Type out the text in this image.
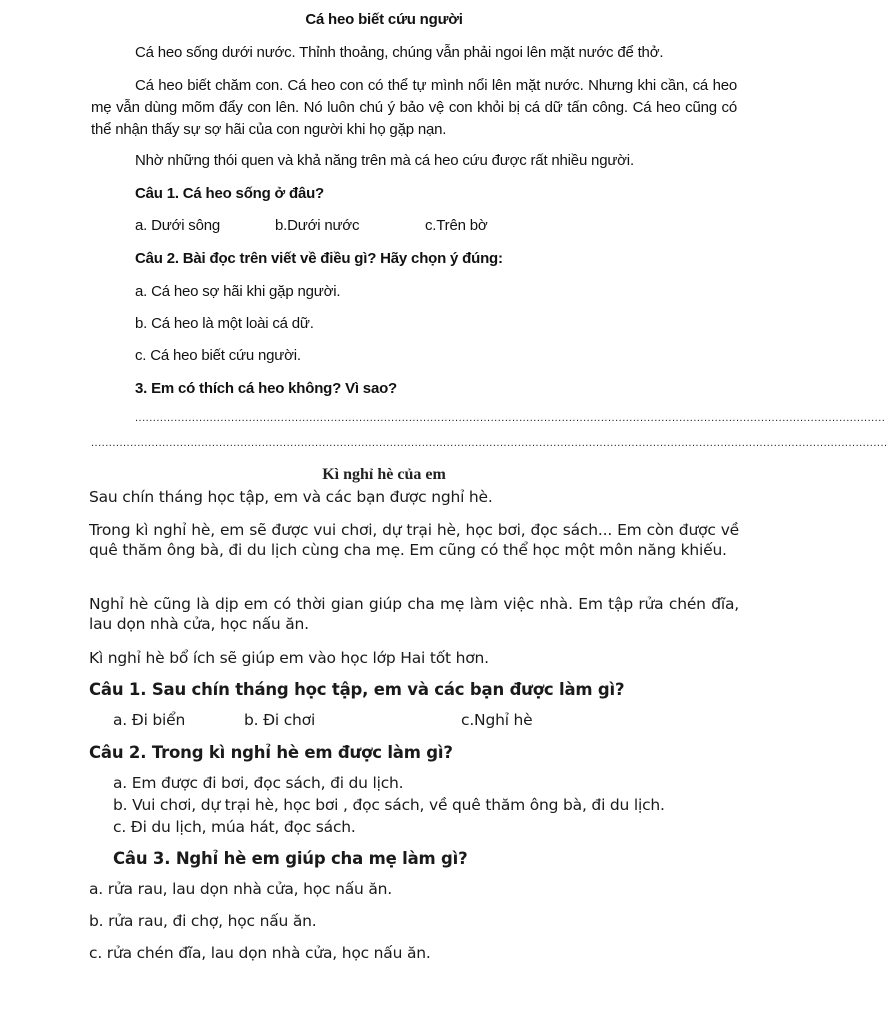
Cá heo biết cứu người
Cá heo sống dưới nước. Thỉnh thoảng, chúng vẫn phải ngoi lên mặt nước để thở.
Cá heo biết chăm con. Cá heo con có thể tự mình nổi lên mặt nước. Nhưng khi cần, cá heo mẹ vẫn dùng mõm đẩy con lên. Nó luôn chú ý bảo vệ con khỏi bị cá dữ tấn công. Cá heo cũng có thể nhận thấy sự sợ hãi của con người khi họ gặp nạn.
Nhờ những thói quen và khả năng trên mà cá heo cứu được rất nhiều người.
Câu 1. Cá heo sống ở đâu?
a. Dưới sông	b.Dưới nước	c.Trên bờ
Câu 2. Bài đọc trên viết về điều gì? Hãy chọn ý đúng:
a. Cá heo sợ hãi khi gặp người.
b. Cá heo là một loài cá dữ.
c. Cá heo biết cứu người.
3. Em có thích cá heo không? Vì sao?
...................................................................................................................................................................................................................
................................................................................................................................................................................................................................
Kì nghỉ hè của em
Sau chín tháng học tập, em và các bạn được nghỉ hè.
Trong kì nghỉ hè, em sẽ được vui chơi, dự trại hè, học bơi, đọc sách... Em còn được về quê thăm ông bà, đi du lịch cùng cha mẹ. Em cũng có thể học một môn năng khiếu.
Nghỉ hè cũng là dịp em có thời gian giúp cha mẹ làm việc nhà. Em tập rửa chén đĩa, lau dọn nhà cửa, học nấu ăn.
Kì nghỉ hè bổ ích sẽ giúp em vào học lớp Hai tốt hơn.
Câu 1. Sau chín tháng học tập, em và các bạn được làm gì?
a. Đi biển	b. Đi chơi	c.Nghỉ hè
Câu 2. Trong kì nghỉ hè em được làm gì?
a. Em được đi bơi, đọc sách, đi du lịch.
b. Vui chơi, dự trại hè, học bơi , đọc sách, về quê thăm ông bà, đi du lịch.
c. Đi du lịch, múa hát, đọc sách.
Câu 3. Nghỉ hè em giúp cha mẹ làm gì?
a. rửa rau, lau dọn nhà cửa, học nấu ăn.
b. rửa rau, đi chợ, học nấu ăn.
c. rửa chén đĩa, lau dọn nhà cửa, học nấu ăn.
